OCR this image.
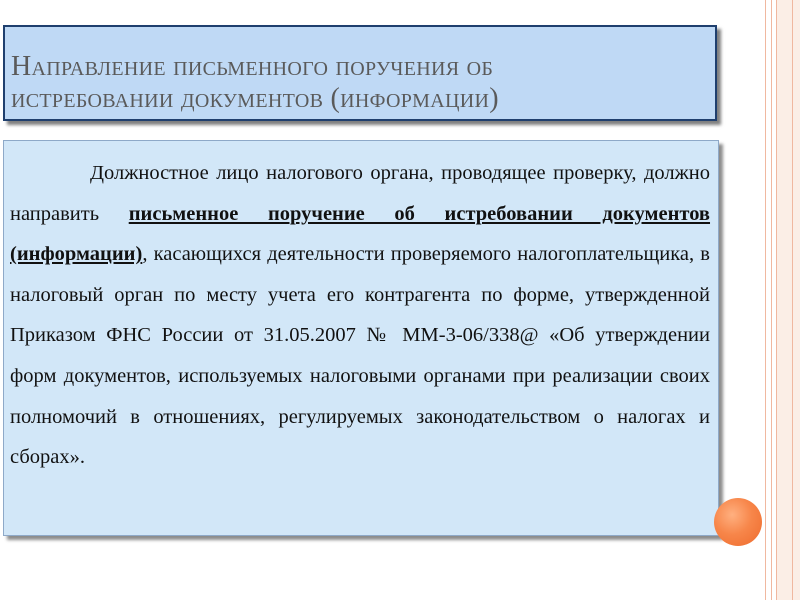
Направление письменного поручения об
истребовании документов (информации)

Должностное лицо налогового органа, проводящее проверку, должно направить письменное поручение об истребовании документов (информации), касающихся деятельности проверяемого налогоплательщика, в налоговый орган по месту учета его контрагента по форме, утвержденной Приказом ФНС России от 31.05.2007 № ММ-3-06/338@ «Об утверждении форм документов, используемых налоговыми органами при реализации своих полномочий в отношениях, регулируемых законодательством о налогах и сборах».
